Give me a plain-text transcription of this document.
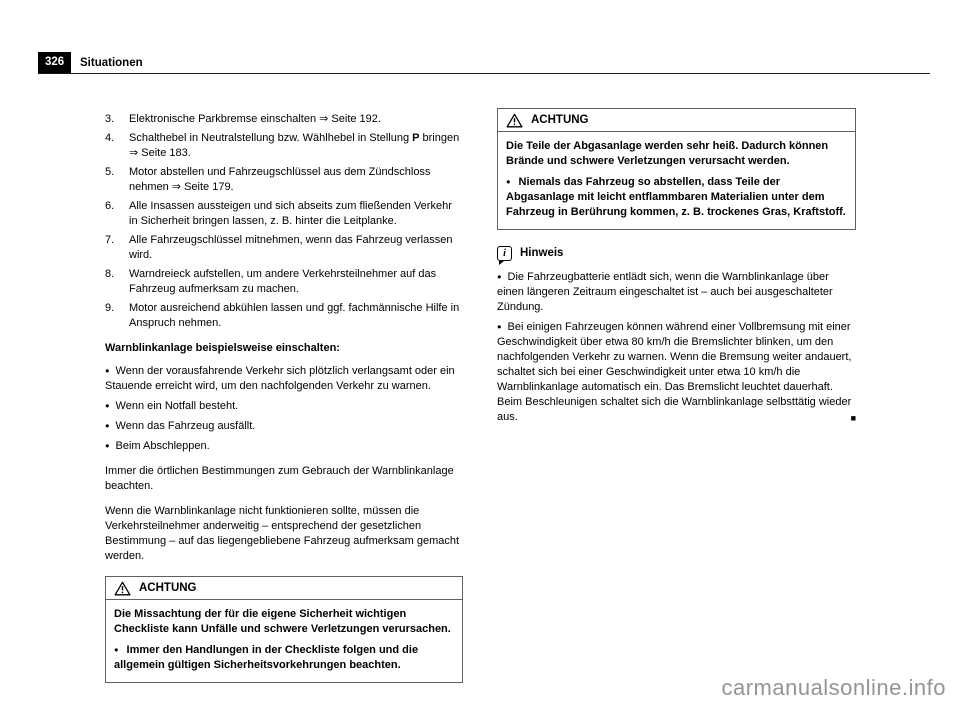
326	Situationen
3.	Elektronische Parkbremse einschalten ⇒ Seite 192.
4.	Schalthebel in Neutralstellung bzw. Wählhebel in Stellung P bringen ⇒ Seite 183.
5.	Motor abstellen und Fahrzeugschlüssel aus dem Zündschloss nehmen ⇒ Seite 179.
6.	Alle Insassen aussteigen und sich abseits zum fließenden Verkehr in Sicherheit bringen lassen, z. B. hinter die Leitplanke.
7.	Alle Fahrzeugschlüssel mitnehmen, wenn das Fahrzeug verlassen wird.
8.	Warndreieck aufstellen, um andere Verkehrsteilnehmer auf das Fahrzeug aufmerksam zu machen.
9.	Motor ausreichend abkühlen lassen und ggf. fachmännische Hilfe in Anspruch nehmen.

Warnblinkanlage beispielsweise einschalten:

● Wenn der vorausfahrende Verkehr sich plötzlich verlangsamt oder ein Stauende erreicht wird, um den nachfolgenden Verkehr zu warnen.

● Wenn ein Notfall besteht.

● Wenn das Fahrzeug ausfällt.

● Beim Abschleppen.

Immer die örtlichen Bestimmungen zum Gebrauch der Warnblinkanlage beachten.

Wenn die Warnblinkanlage nicht funktionieren sollte, müssen die Verkehrsteilnehmer anderweitig – entsprechend der gesetzlichen Bestimmung – auf das liegengebliebene Fahrzeug aufmerksam gemacht werden.

ACHTUNG

Die Missachtung der für die eigene Sicherheit wichtigen Checkliste kann Unfälle und schwere Verletzungen verursachen.

● Immer den Handlungen in der Checkliste folgen und die allgemein gültigen Sicherheitsvorkehrungen beachten.

ACHTUNG

Die Teile der Abgasanlage werden sehr heiß. Dadurch können Brände und schwere Verletzungen verursacht werden.

● Niemals das Fahrzeug so abstellen, dass Teile der Abgasanlage mit leicht entflammbaren Materialien unter dem Fahrzeug in Berührung kommen, z. B. trockenes Gras, Kraftstoff.

i Hinweis

● Die Fahrzeugbatterie entlädt sich, wenn die Warnblinkanlage über einen längeren Zeitraum eingeschaltet ist – auch bei ausgeschalteter Zündung.

● Bei einigen Fahrzeugen können während einer Vollbremsung mit einer Geschwindigkeit über etwa 80 km/h die Bremslichter blinken, um den nachfolgenden Verkehr zu warnen. Wenn die Bremsung weiter andauert, schaltet sich bei einer Geschwindigkeit unter etwa 10 km/h die Warnblinkanlage automatisch ein. Das Bremslicht leuchtet dauerhaft. Beim Beschleunigen schaltet sich die Warnblinkanlage selbsttätig wieder aus.	■

carmanualsonline.info
